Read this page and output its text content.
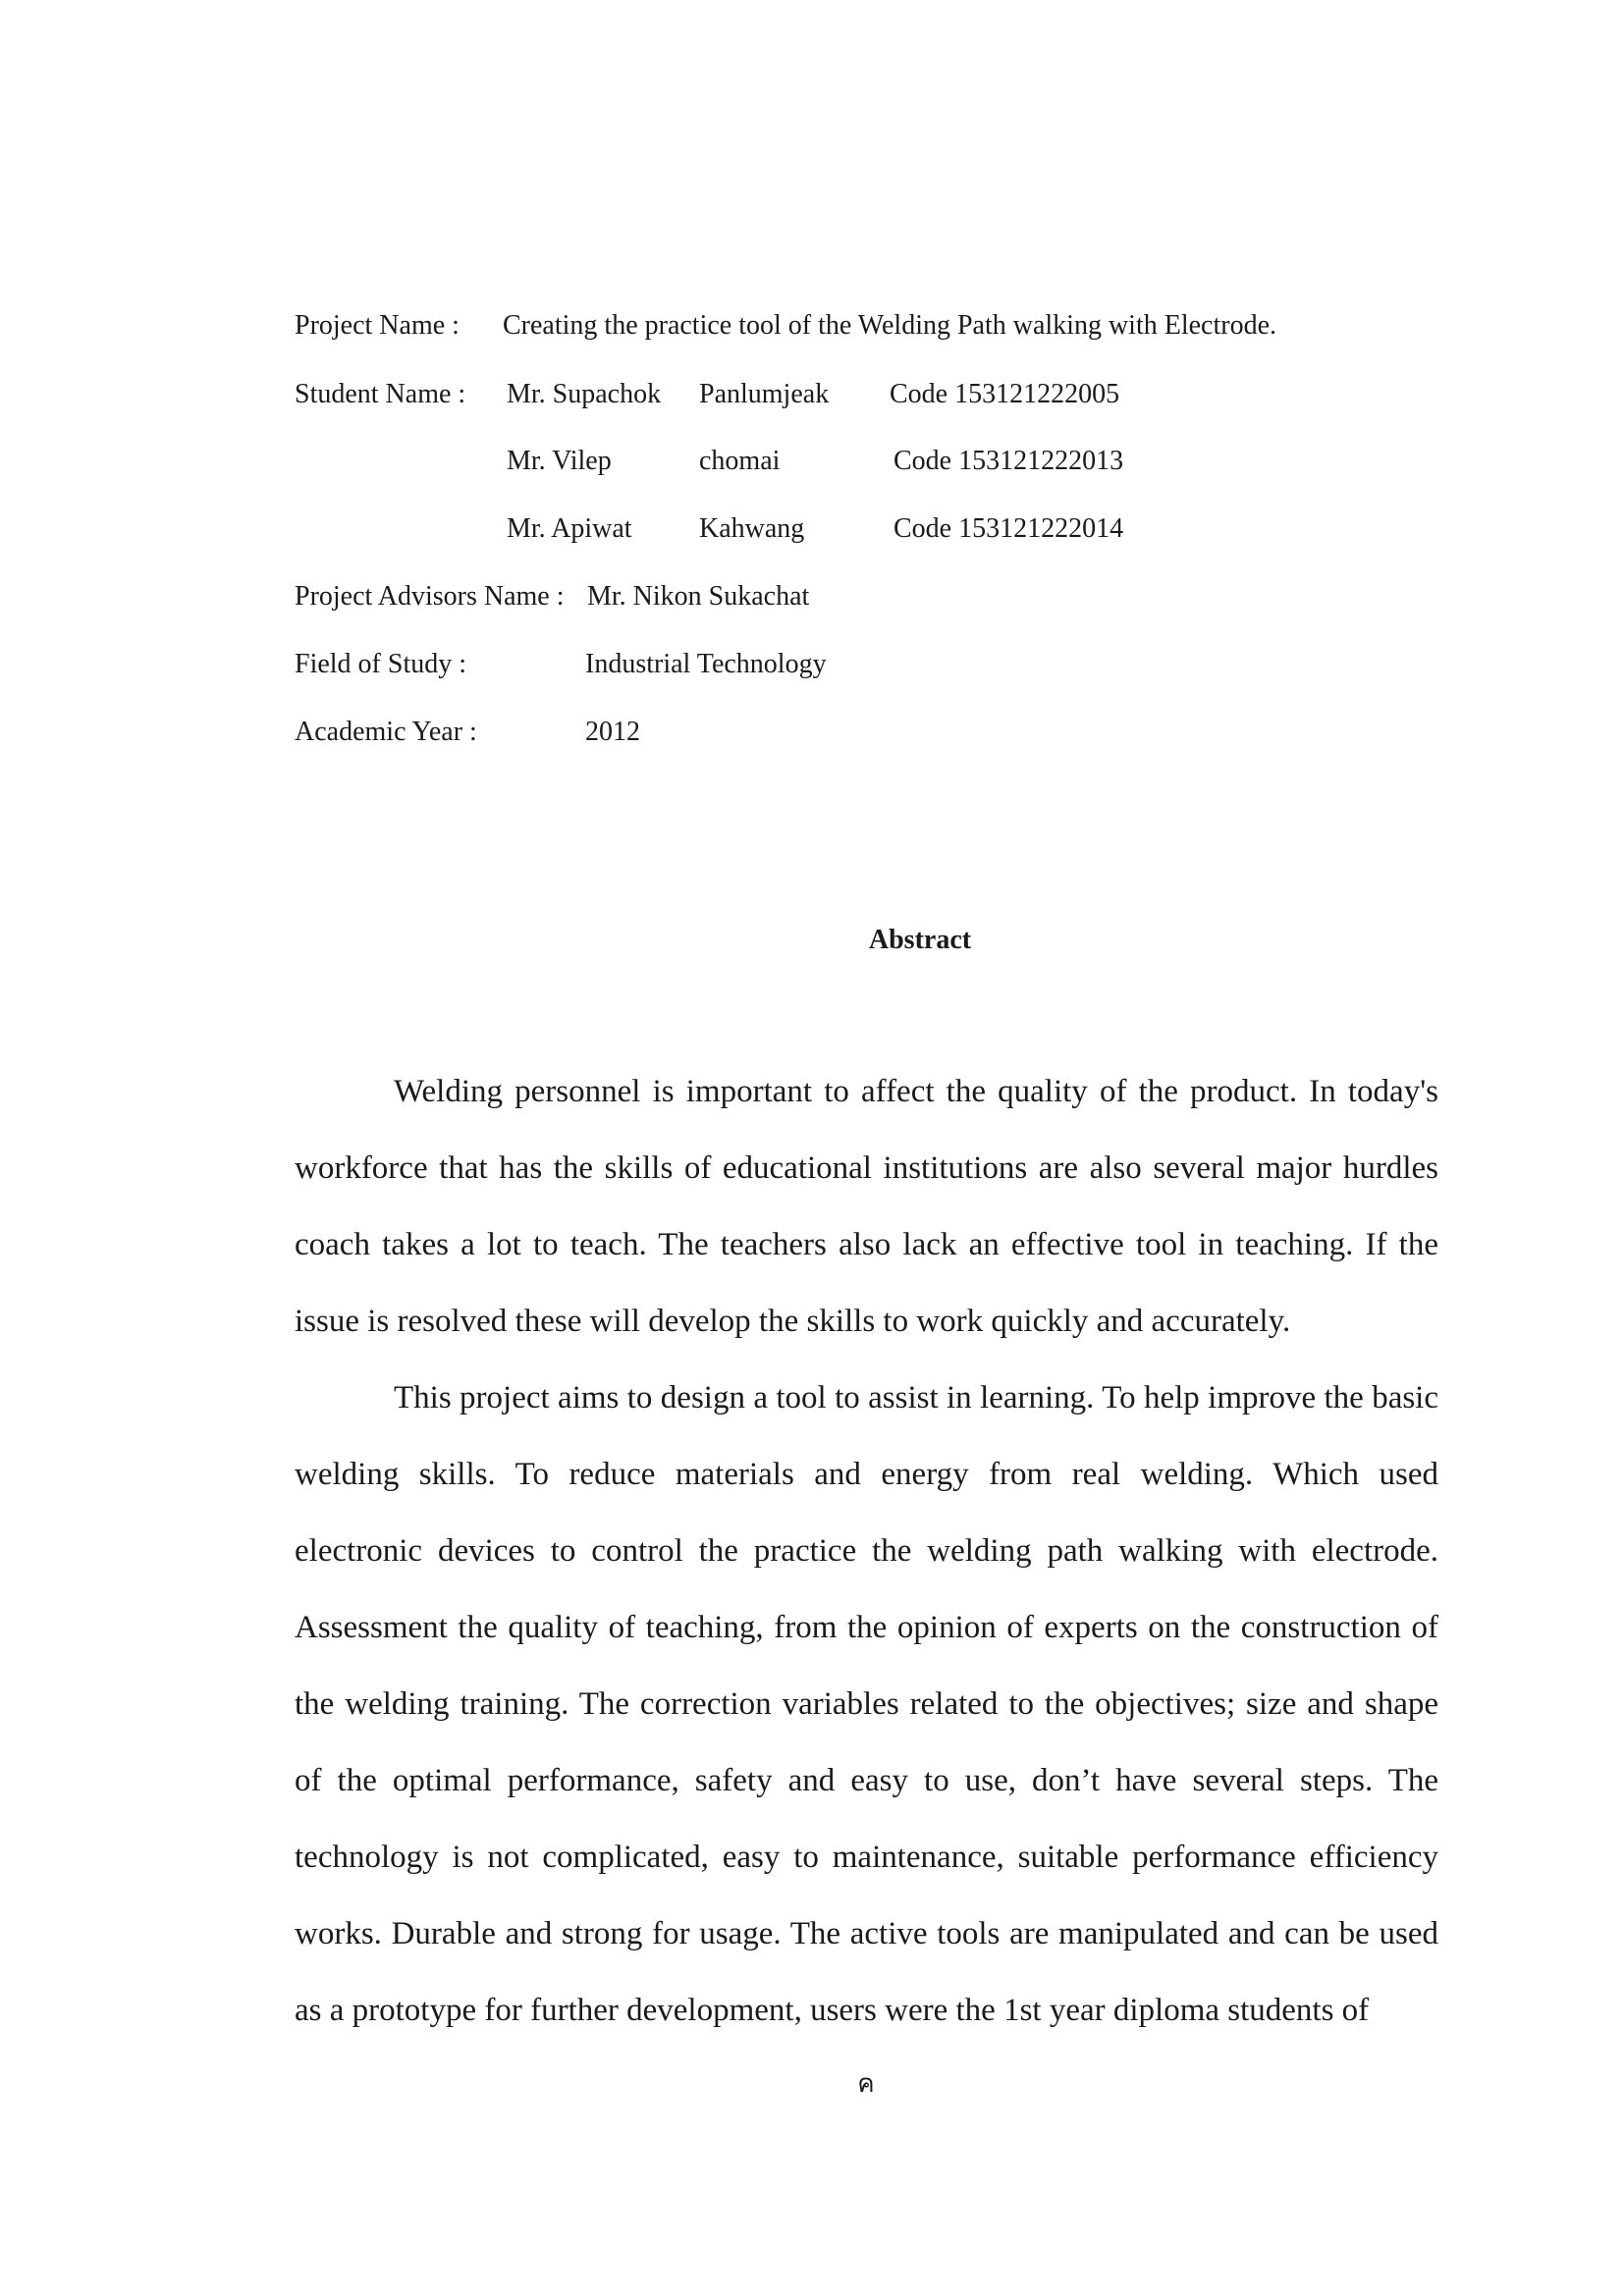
Project Name : Creating the practice tool of the Welding Path walking with Electrode.
Student Name : Mr. Supachok Panlumjeak Code 153121222005
Mr. Vilep	chomai	Code 153121222013
Mr. Apiwat Kahwang	Code 153121222014
Project Advisors Name : Mr. Nikon Sukachat
Field of Study :	Industrial Technology
Academic Year :	2012
Abstract

Welding personnel is important to affect the quality of the product. In today's workforce that has the skills of educational institutions are also several major hurdles coach takes a lot to teach. The teachers also lack an effective tool in teaching. If the issue is resolved these will develop the skills to work quickly and accurately.

This project aims to design a tool to assist in learning. To help improve the basic welding skills. To reduce materials and energy from real welding. Which used electronic devices to control the practice the welding path walking with electrode. Assessment the quality of teaching, from the opinion of experts on the construction of the welding training. The correction variables related to the objectives; size and shape of the optimal performance, safety and easy to use, don’t have several steps. The technology is not complicated, easy to maintenance, suitable performance efficiency works. Durable and strong for usage. The active tools are manipulated and can be used as a prototype for further development, users were the 1st year diploma students of

ค
